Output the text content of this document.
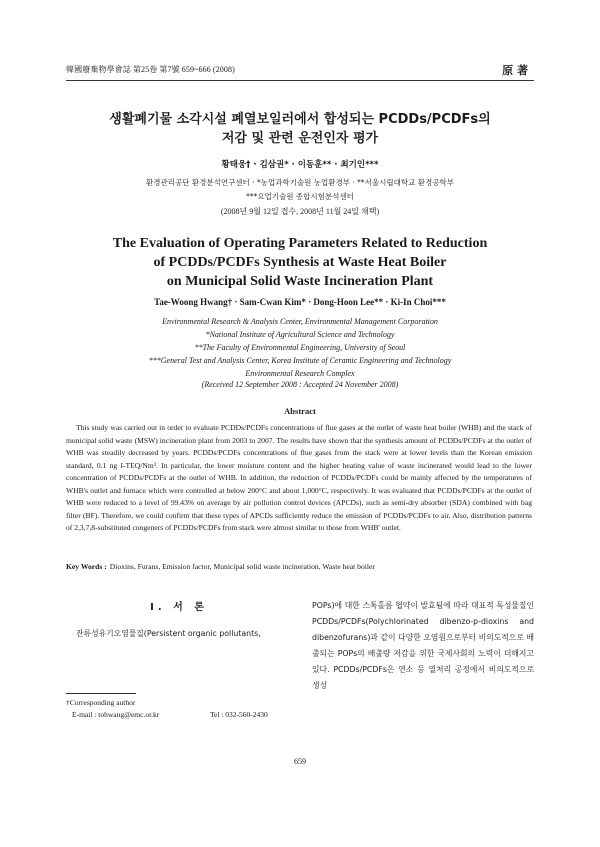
韓國廢棄物學會誌 第25卷 第7號 659~666 (2008)	原 著
생활폐기물 소각시설 폐열보일러에서 합성되는 PCDDs/PCDFs의
저감 및 관련 운전인자 평가
황태웅† · 김삼권* · 이동훈** · 최기인***
환경관리공단 환경분석연구센터 · *농업과학기술원 농업환경부 · **서울시립대학교 환경공학부
***요업기술원 종합시험분석센터
(2008년 9월 12일 접수, 2008년 11월 24일 채택)
The Evaluation of Operating Parameters Related to Reduction
of PCDDs/PCDFs Synthesis at Waste Heat Boiler
on Municipal Solid Waste Incineration Plant
Tae-Woong Hwang† · Sam-Cwan Kim* · Dong-Hoon Lee** · Ki-In Choi***
Environmental Research & Analysis Center, Environmental Management Corporation
*National Institute of Agricultural Science and Technology
**The Faculty of Environmental Engineering, University of Seoul
***General Test and Analysis Center, Korea Institute of Ceramic Engineering and Technology
Environmental Research Complex
(Received 12 September 2008 : Accepted 24 November 2008)
Abstract
This study was carried out in order to evaluate PCDDs/PCDFs concentrations of flue gases at the outlet of waste heat boiler (WHB) and the stack of municipal solid waste (MSW) incineration plant from 2003 to 2007. The results have shown that the synthesis amount of PCDDs/PCDFs at the outlet of WHB was steadily decreased by years. PCDDs/PCDFs concentrations of flue gases from the stack were at lower levels than the Korean emission standard, 0.1 ng I-TEQ/Nm³. In particular, the lower moisture content and the higher heating value of waste incinerated would lead to the lower concentration of PCDDs/PCDFs at the outlet of WHB. In addition, the reduction of PCDDs/PCDFs could be mainly affected by the temperatures of WHB's outlet and furnace which were controlled at below 200°C and about 1,000°C, respectively. It was evaluated that PCDDs/PCDFs at the outlet of WHB were reduced to a level of 99.43% on average by air pollution control devices (APCDs), such as semi-dry absorber (SDA) combined with bag filter (BF). Therefore, we could confirm that these types of APCDs sufficiently reduce the emission of PCDDs/PCDFs to air. Also, distribution patterns of 2,3,7,8-substituted congeners of PCDDs/PCDFs from stack were almost similar to those from WHB' outlet.
Key Words : Dioxins, Furans, Emission factor, Municipal solid waste incineration, Waste heat boiler
I. 서 론
잔류성유기오염물질(Persistent organic pollutants,
†Corresponding author
E-mail : tohwang@emc.or.kr	Tel : 032-560-2430
POPs)에 대한 스톡홀름 협약이 발효됨에 따라 대표적 독성물질인 PCDDs/PCDFs(Polychlorinated dibenzo-p-dioxins and dibenzofurans)과 같이 다양한 오염원으로부터 비의도적으로 배출되는 POPs의 배출량 저감을 위한 국제사회의 노력이 더해지고 있다. PCDDs/PCDFs은 연소 등 열처리 공정에서 비의도적으로 생성
659
